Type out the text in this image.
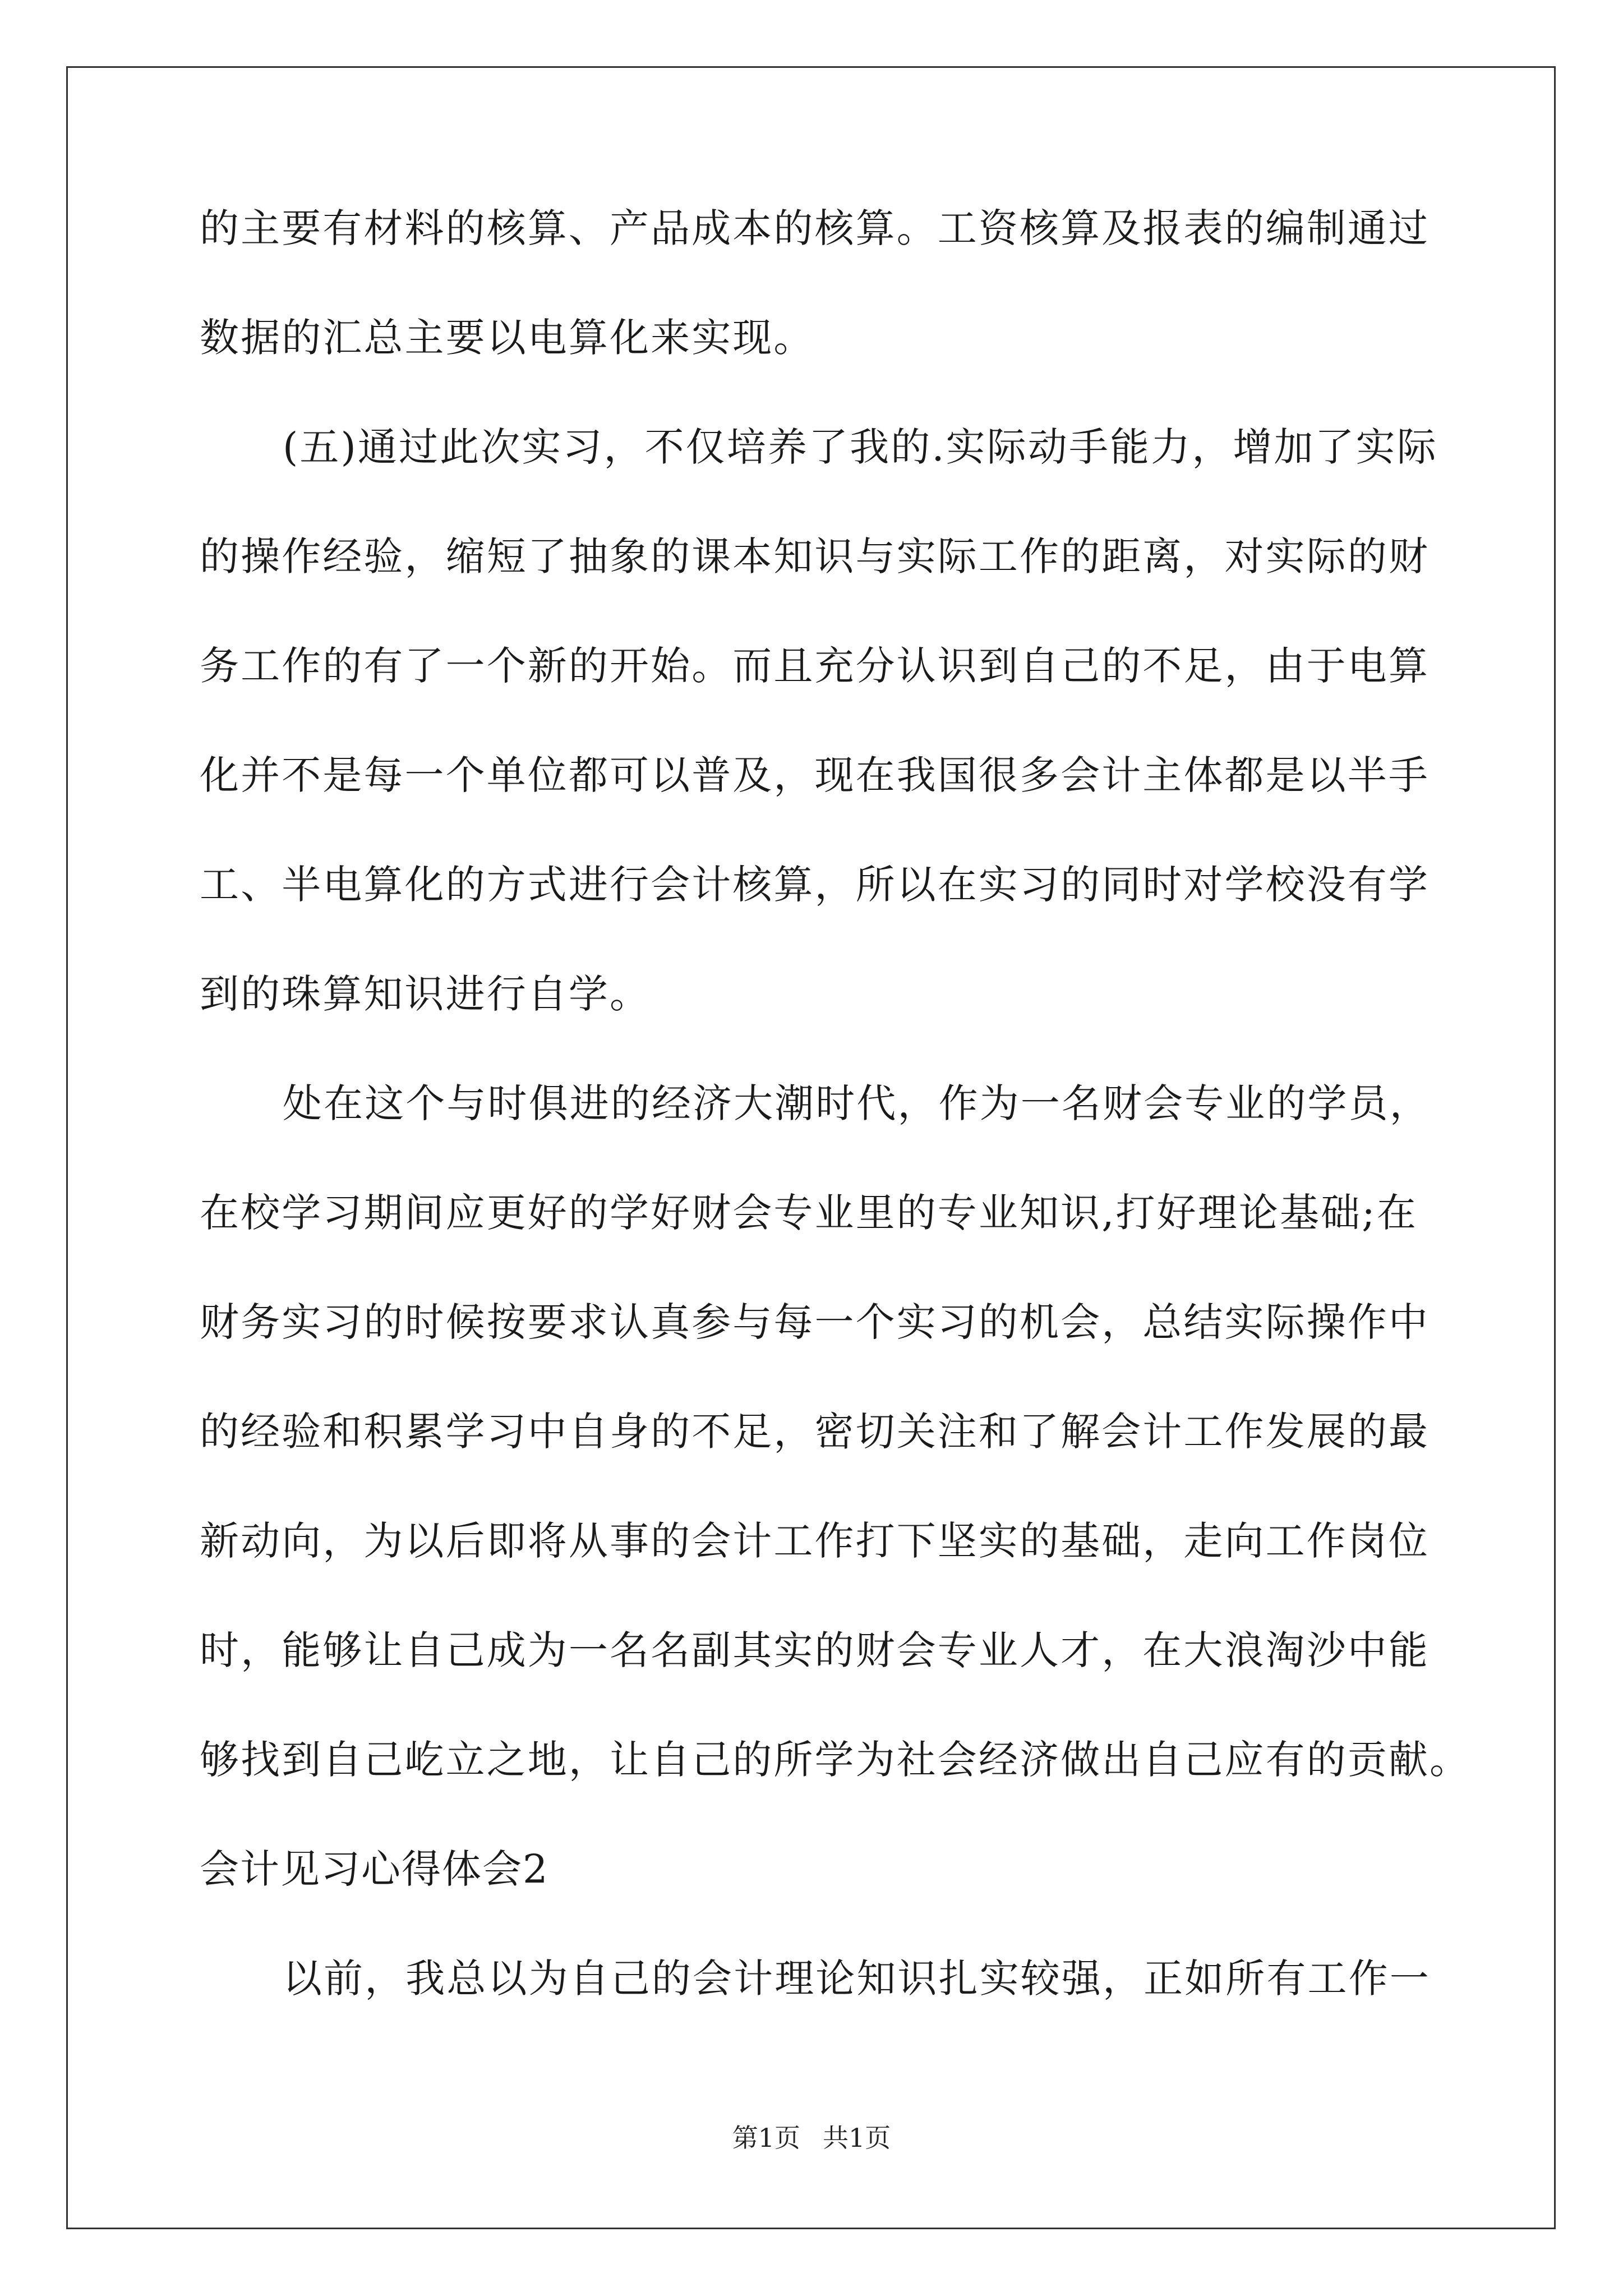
的主要有材料的核算、产品成本的核算。工资核算及报表的编制通过
数据的汇总主要以电算化来实现。
(五)通过此次实习，不仅培养了我的.实际动手能力，增加了实际
的操作经验，缩短了抽象的课本知识与实际工作的距离，对实际的财
务工作的有了一个新的开始。而且充分认识到自己的不足，由于电算
化并不是每一个单位都可以普及，现在我国很多会计主体都是以半手
工、半电算化的方式进行会计核算，所以在实习的同时对学校没有学
到的珠算知识进行自学。
处在这个与时俱进的经济大潮时代，作为一名财会专业的学员，
在校学习期间应更好的学好财会专业里的专业知识,打好理论基础;在
财务实习的时候按要求认真参与每一个实习的机会，总结实际操作中
的经验和积累学习中自身的不足，密切关注和了解会计工作发展的最
新动向，为以后即将从事的会计工作打下坚实的基础，走向工作岗位
时，能够让自己成为一名名副其实的财会专业人才，在大浪淘沙中能
够找到自己屹立之地，让自己的所学为社会经济做出自己应有的贡献。
会计见习心得体会2
以前，我总以为自己的会计理论知识扎实较强，正如所有工作一
第1页 共1页
